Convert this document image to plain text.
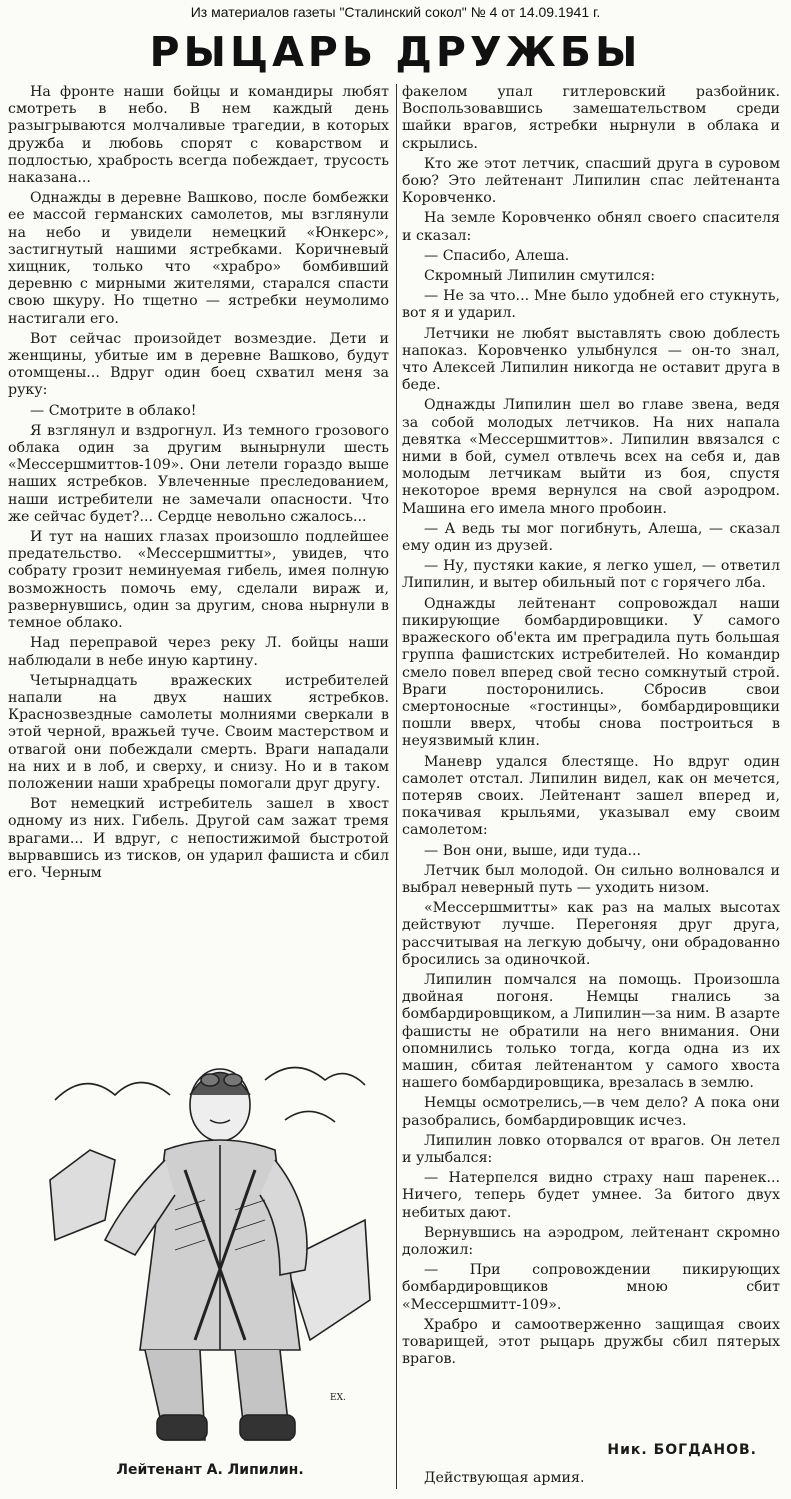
Из материалов газеты "Сталинский сокол" № 4 от 14.09.1941 г.
РЫЦАРЬ ДРУЖБЫ

На фронте наши бойцы и командиры любят смотреть в небо. В нем каждый день разыгрываются молчаливые трагедии, в которых дружба и любовь спорят с коварством и подлостью, храбрость всегда побеждает, трусость наказана...

Однажды в деревне Вашково, после бомбежки ее массой германских самолетов, мы взглянули на небо и увидели немецкий «Юнкерс», застигнутый нашими ястребками. Коричневый хищник, только что «храбро» бомбивший деревню с мирными жителями, старался спасти свою шкуру. Но тщетно — ястребки неумолимо настигали его.

Вот сейчас произойдет возмездие. Дети и женщины, убитые им в деревне Вашково, будут отомщены... Вдруг один боец схватил меня за руку:

— Смотрите в облако!

Я взглянул и вздрогнул. Из темного грозового облака один за другим вынырнули шесть «Мессершмиттов-109». Они летели гораздо выше наших ястребков. Увлеченные преследованием, наши истребители не замечали опасности. Что же сейчас будет?... Сердце невольно сжалось...

И тут на наших глазах произошло подлейшее предательство. «Мессершмитты», увидев, что собрату грозит неминуемая гибель, имея полную возможность помочь ему, сделали вираж и, развернувшись, один за другим, снова нырнули в темное облако.

Над переправой через реку Л. бойцы наши наблюдали в небе иную картину.

Четырнадцать вражеских истребителей напали на двух наших ястребков. Краснозвездные самолеты молниями сверкали в этой черной, вражьей туче. Своим мастерством и отвагой они побеждали смерть. Враги нападали на них и в лоб, и сверху, и снизу. Но и в таком положении наши храбрецы помогали друг другу.

Вот немецкий истребитель зашел в хвост одному из них. Гибель. Другой сам зажат тремя врагами... И вдруг, с непостижимой быстротой вырвавшись из тисков, он ударил фашиста и сбил его. Черным

факелом упал гитлеровский разбойник. Воспользовавшись замешательством среди шайки врагов, ястребки нырнули в облака и скрылись.

Кто же этот летчик, спасший друга в суровом бою? Это лейтенант Липилин спас лейтенанта Коровченко.

На земле Коровченко обнял своего спасителя и сказал:

— Спасибо, Алеша.

Скромный Липилин смутился:

— Не за что... Мне было удобней его стукнуть, вот я и ударил.

Летчики не любят выставлять свою доблесть напоказ. Коровченко улыбнулся — он-то знал, что Алексей Липилин никогда не оставит друга в беде.

Однажды Липилин шел во главе звена, ведя за собой молодых летчиков. На них напала девятка «Мессершмиттов». Липилин ввязался с ними в бой, сумел отвлечь всех на себя и, дав молодым летчикам выйти из боя, спустя некоторое время вернулся на свой аэродром. Машина его имела много пробоин.

— А ведь ты мог погибнуть, Алеша, — сказал ему один из друзей.

— Ну, пустяки какие, я легко ушел, — ответил Липилин, и вытер обильный пот с горячего лба.

Однажды лейтенант сопровождал наши пикирующие бомбардировщики. У самого вражеского об'екта им преградила путь большая группа фашистских истребителей. Но командир смело повел вперед свой тесно сомкнутый строй. Враги посторонились. Сбросив свои смертоносные «гостинцы», бомбардировщики пошли вверх, чтобы снова построиться в неуязвимый клин.

Маневр удался блестяще. Но вдруг один самолет отстал. Липилин видел, как он мечется, потеряв своих. Лейтенант зашел вперед и, покачивая крыльями, указывал ему своим самолетом:

— Вон они, выше, иди туда...

Летчик был молодой. Он сильно волновался и выбрал неверный путь — уходить низом.

«Мессершмитты» как раз на малых высотах действуют лучше. Перегоняя друг друга, рассчитывая на легкую добычу, они обрадованно бросились за одиночкой.

Липилин помчался на помощь. Произошла двойная погоня. Немцы гнались за бомбардировщиком, а Липилин—за ним. В азарте фашисты не обратили на него внимания. Они опомнились только тогда, когда одна из их машин, сбитая лейтенантом у самого хвоста нашего бомбардировщика, врезалась в землю.

Немцы осмотрелись,—в чем дело? А пока они разобрались, бомбардировщик исчез.

Липилин ловко оторвался от врагов. Он летел и улыбался:

— Натерпелся видно страху наш паренек... Ничего, теперь будет умнее. За битого двух небитых дают.

Вернувшись на аэродром, лейтенант скромно доложил:

— При сопровождении пикирующих бомбардировщиков мною сбит «Мессершмитт-109».

Храбро и самоотверженно защищая своих товарищей, этот рыцарь дружбы сбил пятерых врагов.

ЕХ.
Лейтенант А. Липилин.
Ник. БОГДАНОВ.
Действующая армия.
